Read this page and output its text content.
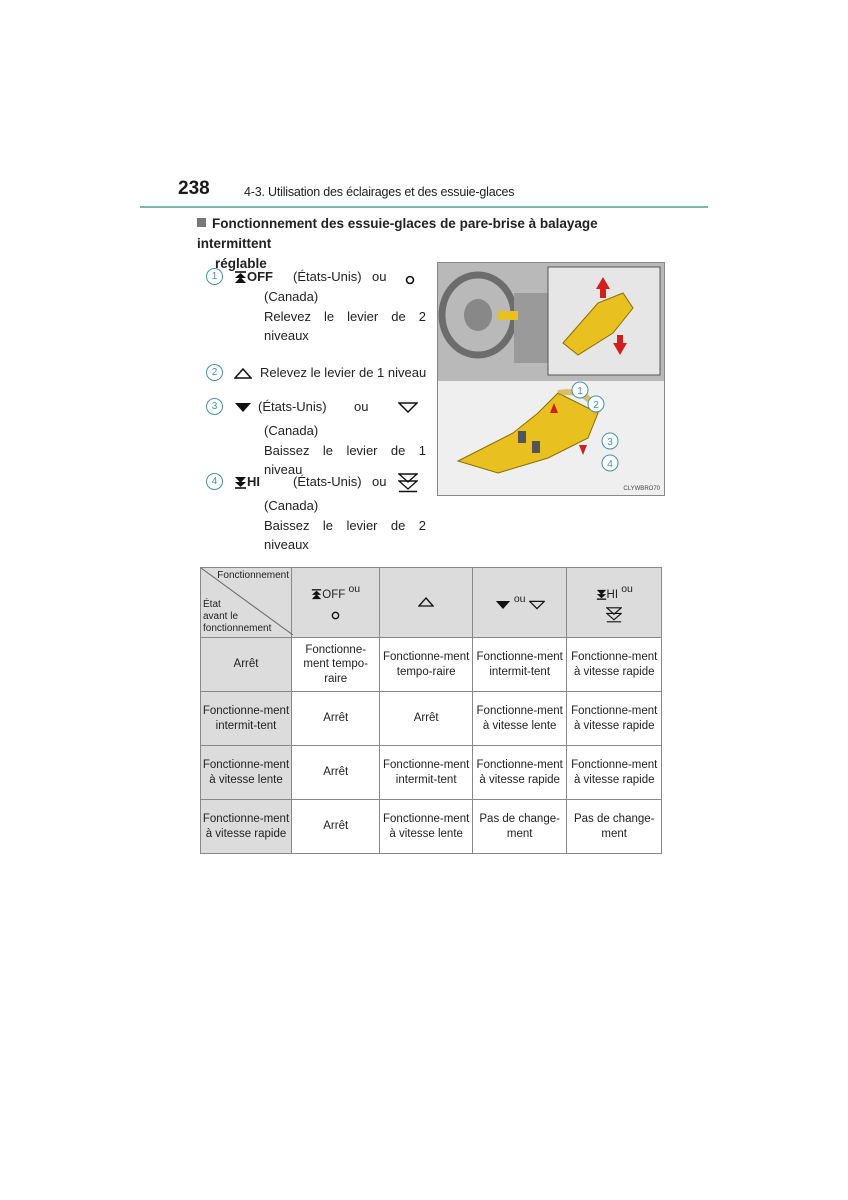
238	4-3. Utilisation des éclairages et des essuie-glaces
Fonctionnement des essuie-glaces de pare-brise à balayage intermittent
réglable
1	OFF (États-Unis) ou
(Canada)
Relevez le levier de 2 niveaux
2	Relevez le levier de 1 niveau
3	(États-Unis) ou
(Canada)
Baissez le levier de 1 niveau
4	HI	(États-Unis) ou
(Canada)
Baissez le levier de 2 niveaux
1
2
3
4
CLYWBRO70
Fonctionnement
État
avant le
fonctionnement	OFF ou		ou	HI ou

Arrêt	Fonctionne-ment tempo-raire	Fonctionne-ment tempo-raire	Fonctionne-ment intermit-tent	Fonctionne-ment à vitesse rapide
Fonctionne-ment intermit-tent	Arrêt	Arrêt	Fonctionne-ment à vitesse lente	Fonctionne-ment à vitesse rapide
Fonctionne-ment à vitesse lente	Arrêt	Fonctionne-ment intermit-tent	Fonctionne-ment à vitesse rapide	Fonctionne-ment à vitesse rapide
Fonctionne-ment à vitesse rapide	Arrêt	Fonctionne-ment à vitesse lente	Pas de change-ment	Pas de change-ment
